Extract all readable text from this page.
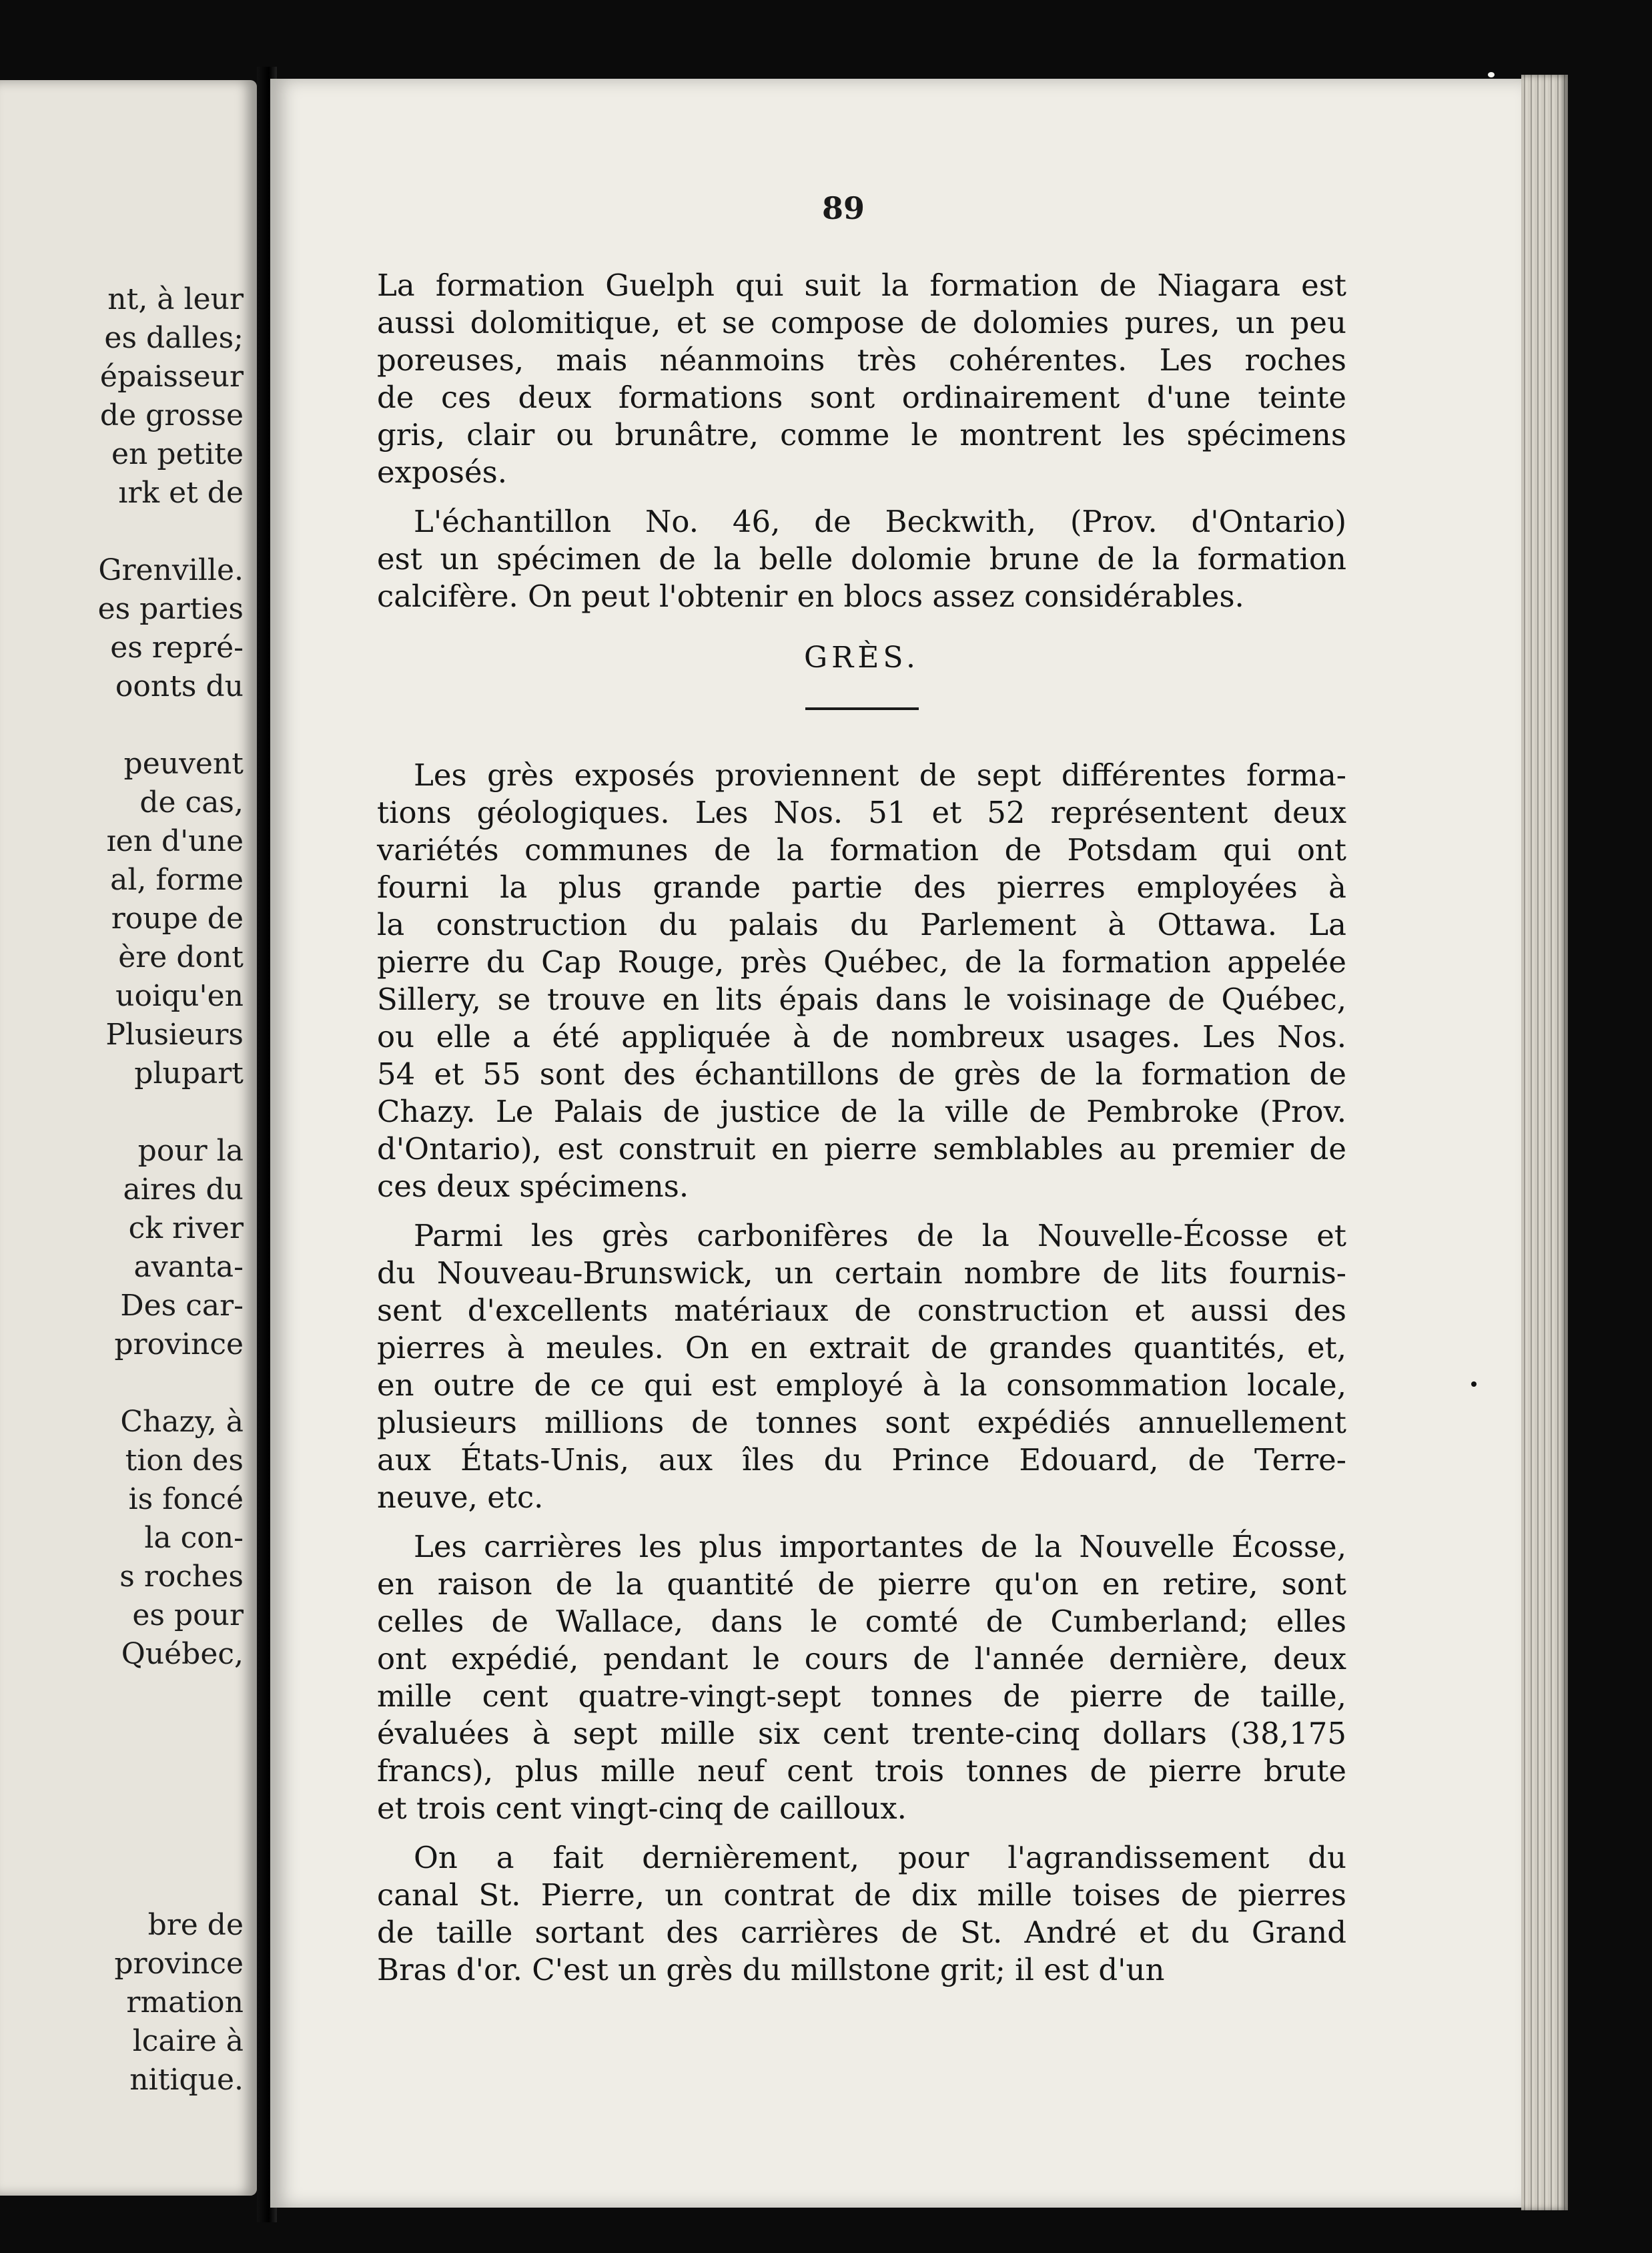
nt, à leur
es dalles;
épaisseur
de grosse
en petite
ırk et de
Grenville.
es parties
es repré-
oonts du
peuvent
de cas,
ɪen d'une
al, forme
roupe de
ère dont
uoiqu'en
Plusieurs
plupart
pour la
aires du
ck river
avanta-
Des car-
province
Chazy, à
tion des
is foncé
la con-
s roches
es pour
Québec,
bre de
province
rmation
lcaire à
nitique.
89
La formation Guelph qui suit la formation de Niagara est
aussi dolomitique, et se compose de dolomies pures, un peu
poreuses, mais néanmoins très cohérentes. Les roches
de ces deux formations sont ordinairement d'une teinte
gris, clair ou brunâtre, comme le montrent les spécimens
exposés.
L'échantillon No. 46, de Beckwith, (Prov. d'Ontario)
est un spécimen de la belle dolomie brune de la formation
calcifère. On peut l'obtenir en blocs assez considérables.
GRÈS.
Les grès exposés proviennent de sept différentes forma-
tions géologiques. Les Nos. 51 et 52 représentent deux
variétés communes de la formation de Potsdam qui ont
fourni la plus grande partie des pierres employées à
la construction du palais du Parlement à Ottawa. La
pierre du Cap Rouge, près Québec, de la formation appelée
Sillery, se trouve en lits épais dans le voisinage de Québec,
ou elle a été appliquée à de nombreux usages. Les Nos.
54 et 55 sont des échantillons de grès de la formation de
Chazy. Le Palais de justice de la ville de Pembroke (Prov.
d'Ontario), est construit en pierre semblables au premier de
ces deux spécimens.
Parmi les grès carbonifères de la Nouvelle-Écosse et
du Nouveau-Brunswick, un certain nombre de lits fournis-
sent d'excellents matériaux de construction et aussi des
pierres à meules. On en extrait de grandes quantités, et,
en outre de ce qui est employé à la consommation locale,
plusieurs millions de tonnes sont expédiés annuellement
aux États-Unis, aux îles du Prince Edouard, de Terre-
neuve, etc.
Les carrières les plus importantes de la Nouvelle Écosse,
en raison de la quantité de pierre qu'on en retire, sont
celles de Wallace, dans le comté de Cumberland; elles
ont expédié, pendant le cours de l'année dernière, deux
mille cent quatre-vingt-sept tonnes de pierre de taille,
évaluées à sept mille six cent trente-cinq dollars (38,175
francs), plus mille neuf cent trois tonnes de pierre brute
et trois cent vingt-cinq de cailloux.
On a fait dernièrement, pour l'agrandissement du
canal St. Pierre, un contrat de dix mille toises de pierres
de taille sortant des carrières de St. André et du Grand
Bras d'or. C'est un grès du millstone grit; il est d'un
